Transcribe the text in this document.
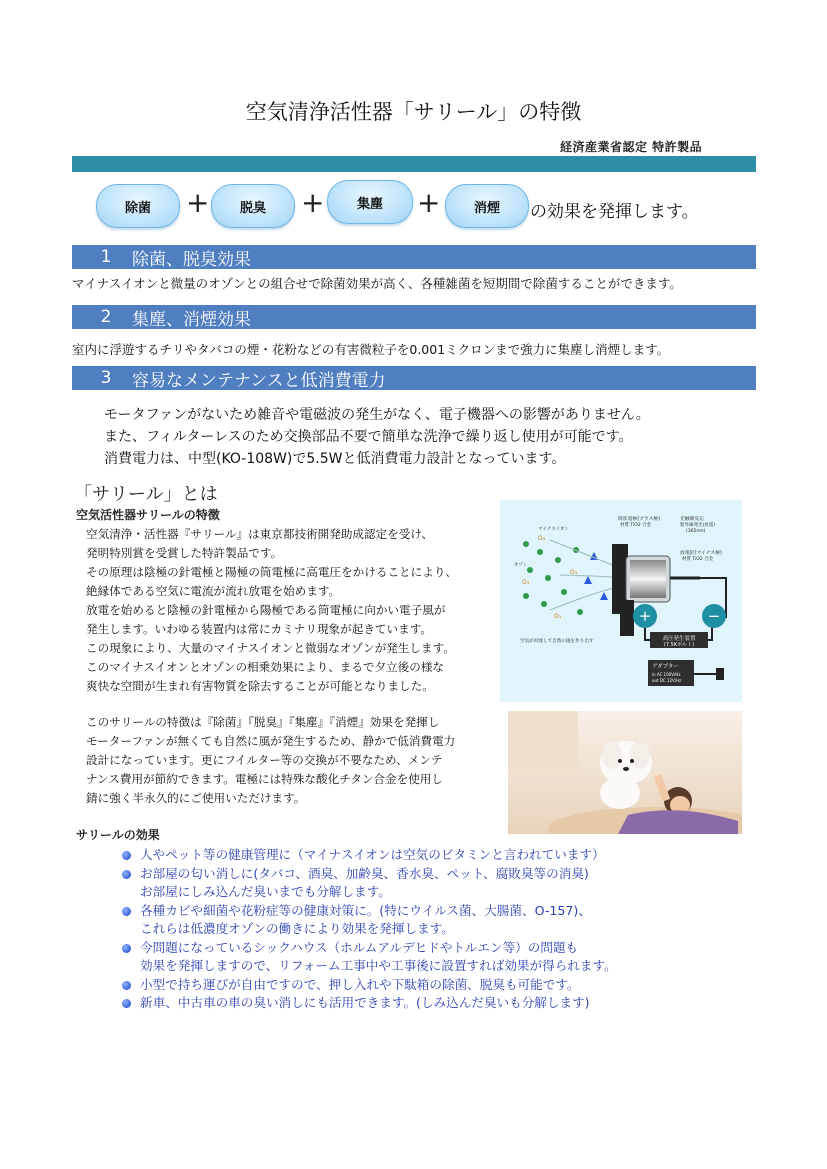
空気清浄活性器「サリール」の特徴
経済産業省認定 特許製品
除菌	+	脱臭	+	集塵	+	消煙	の効果を発揮します。
1	除菌、脱臭効果
マイナスイオンと微量のオゾンとの組合せで除菌効果が高く、各種雑菌を短期間で除菌することができます。
2	集塵、消煙効果
室内に浮遊するチリやタバコの煙・花粉などの有害微粒子を0.001ミクロンまで強力に集塵し消煙します。
3	容易なメンテナンスと低消費電力
モータファンがないため雑音や電磁波の発生がなく、電子機器への影響がありません。
また、フィルターレスのため交換部品不要で簡単な洗浄で繰り返し使用が可能です。
消費電力は、中型(KO-108W)で5.5Wと低消費電力設計となっています。
「サリール」とは
空気活性器サリールの特徴
空気清浄・活性器『サリール』は東京都技術開発助成認定を受け、
発明特別賞を受賞した特許製品です。
その原理は陰極の針電極と陽極の筒電極に高電圧をかけることにより、
絶縁体である空気に電流が流れ放電を始めます。
放電を始めると陰極の針電極から陽極である筒電極に向かい電子風が
発生します。いわゆる装置内は常にカミナリ現象が起きています。
この現象により、大量のマイナスイオンと微弱なオゾンが発生します。
このマイナスイオンとオゾンの相乗効果により、まるで夕立後の様な
爽快な空間が生まれ有害物質を除去することが可能となりました。
このサリールの特徴は『除菌』『脱臭』『集塵』『消煙』効果を発揮し
モーターファンが無くても自然に風が発生するため、静かで低消費電力
設計になっています。更にフイルター等の交換が不要なため、メンテ
ナンス費用が節約できます。電極には特殊な酸化チタン合金を使用し
錆に強く半永久的にご使用いただけます。
O₃
O₃
O₃
O₃
+	−
高圧発生装置
(7.5Kボルト)
アダプター
in AC 100V/Hz
out DC 12V/Hz
筒状電極(プラス極)
材質 TiO2 合金
光触媒反応
紫外線発光(放電)
(365nm)
放電針(マイナス極)
材質 TiO2 合金
マイナスイオン
オゾン
空気が対流して自然の風を作り出す
サリールの効果
人やペット等の健康管理に（マイナスイオンは空気のビタミンと言われています）
お部屋の匂い消しに(タバコ、酒臭、加齢臭、香水臭、ペット、腐敗臭等の消臭)
お部屋にしみ込んだ臭いまでも分解します。
各種カビや細菌や花粉症等の健康対策に。(特にウイルス菌、大腸菌、O-157)、
これらは低濃度オゾンの働きにより効果を発揮します。
今問題になっているシックハウス（ホルムアルデヒドやトルエン等）の問題も
効果を発揮しますので、リフォーム工事中や工事後に設置すれば効果が得られます。
小型で持ち運びが自由ですので、押し入れや下駄箱の除菌、脱臭も可能です。
新車、中古車の車の臭い消しにも活用できます。(しみ込んだ臭いも分解します)
